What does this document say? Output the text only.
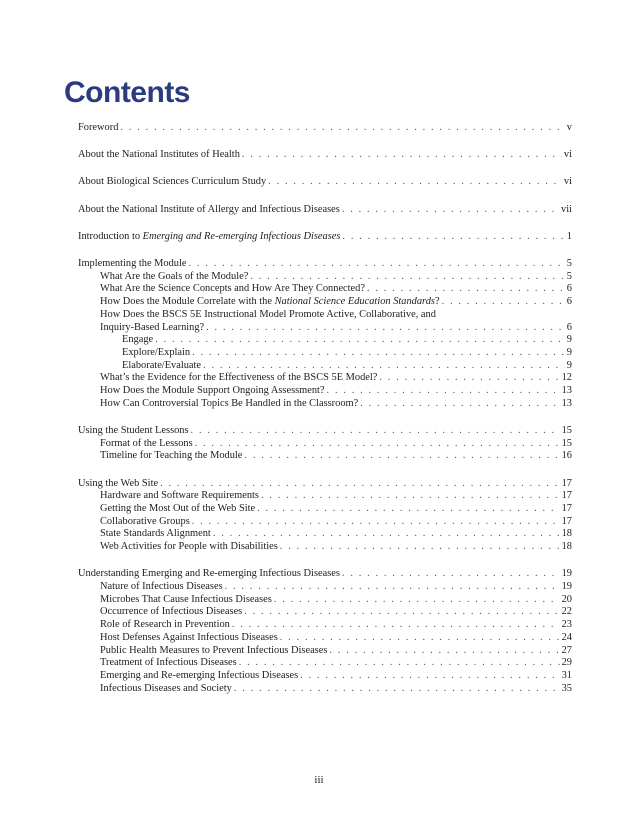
Contents
Foreword . . .	v
About the National Institutes of Health . . .	vi
About Biological Sciences Curriculum Study . . .	vi
About the National Institute of Allergy and Infectious Diseases . . .	vii
Introduction to Emerging and Re-emerging Infectious Diseases . . .	1
Implementing the Module . . .	5
What Are the Goals of the Module? . . .	5
What Are the Science Concepts and How Are They Connected? . . .	6
How Does the Module Correlate with the National Science Education Standards? . . .	6
How Does the BSCS 5E Instructional Model Promote Active, Collaborative, and
Inquiry-Based Learning? . . .	6
Engage . . .	9
Explore/Explain . . .	9
Elaborate/Evaluate . . .	9
What’s the Evidence for the Effectiveness of the BSCS 5E Model? . . .	12
How Does the Module Support Ongoing Assessment? . . .	13
How Can Controversial Topics Be Handled in the Classroom? . . .	13
Using the Student Lessons . . .	15
Format of the Lessons . . .	15
Timeline for Teaching the Module . . .	16
Using the Web Site . . .	17
Hardware and Software Requirements . . .	17
Getting the Most Out of the Web Site . . .	17
Collaborative Groups . . .	17
State Standards Alignment . . .	18
Web Activities for People with Disabilities . . .	18
Understanding Emerging and Re-emerging Infectious Diseases . . .	19
Nature of Infectious Diseases . . .	19
Microbes That Cause Infectious Diseases . . .	20
Occurrence of Infectious Diseases . . .	22
Role of Research in Prevention . . .	23
Host Defenses Against Infectious Diseases . . .	24
Public Health Measures to Prevent Infectious Diseases . . .	27
Treatment of Infectious Diseases . . .	29
Emerging and Re-emerging Infectious Diseases . . .	31
Infectious Diseases and Society . . .	35
iii
